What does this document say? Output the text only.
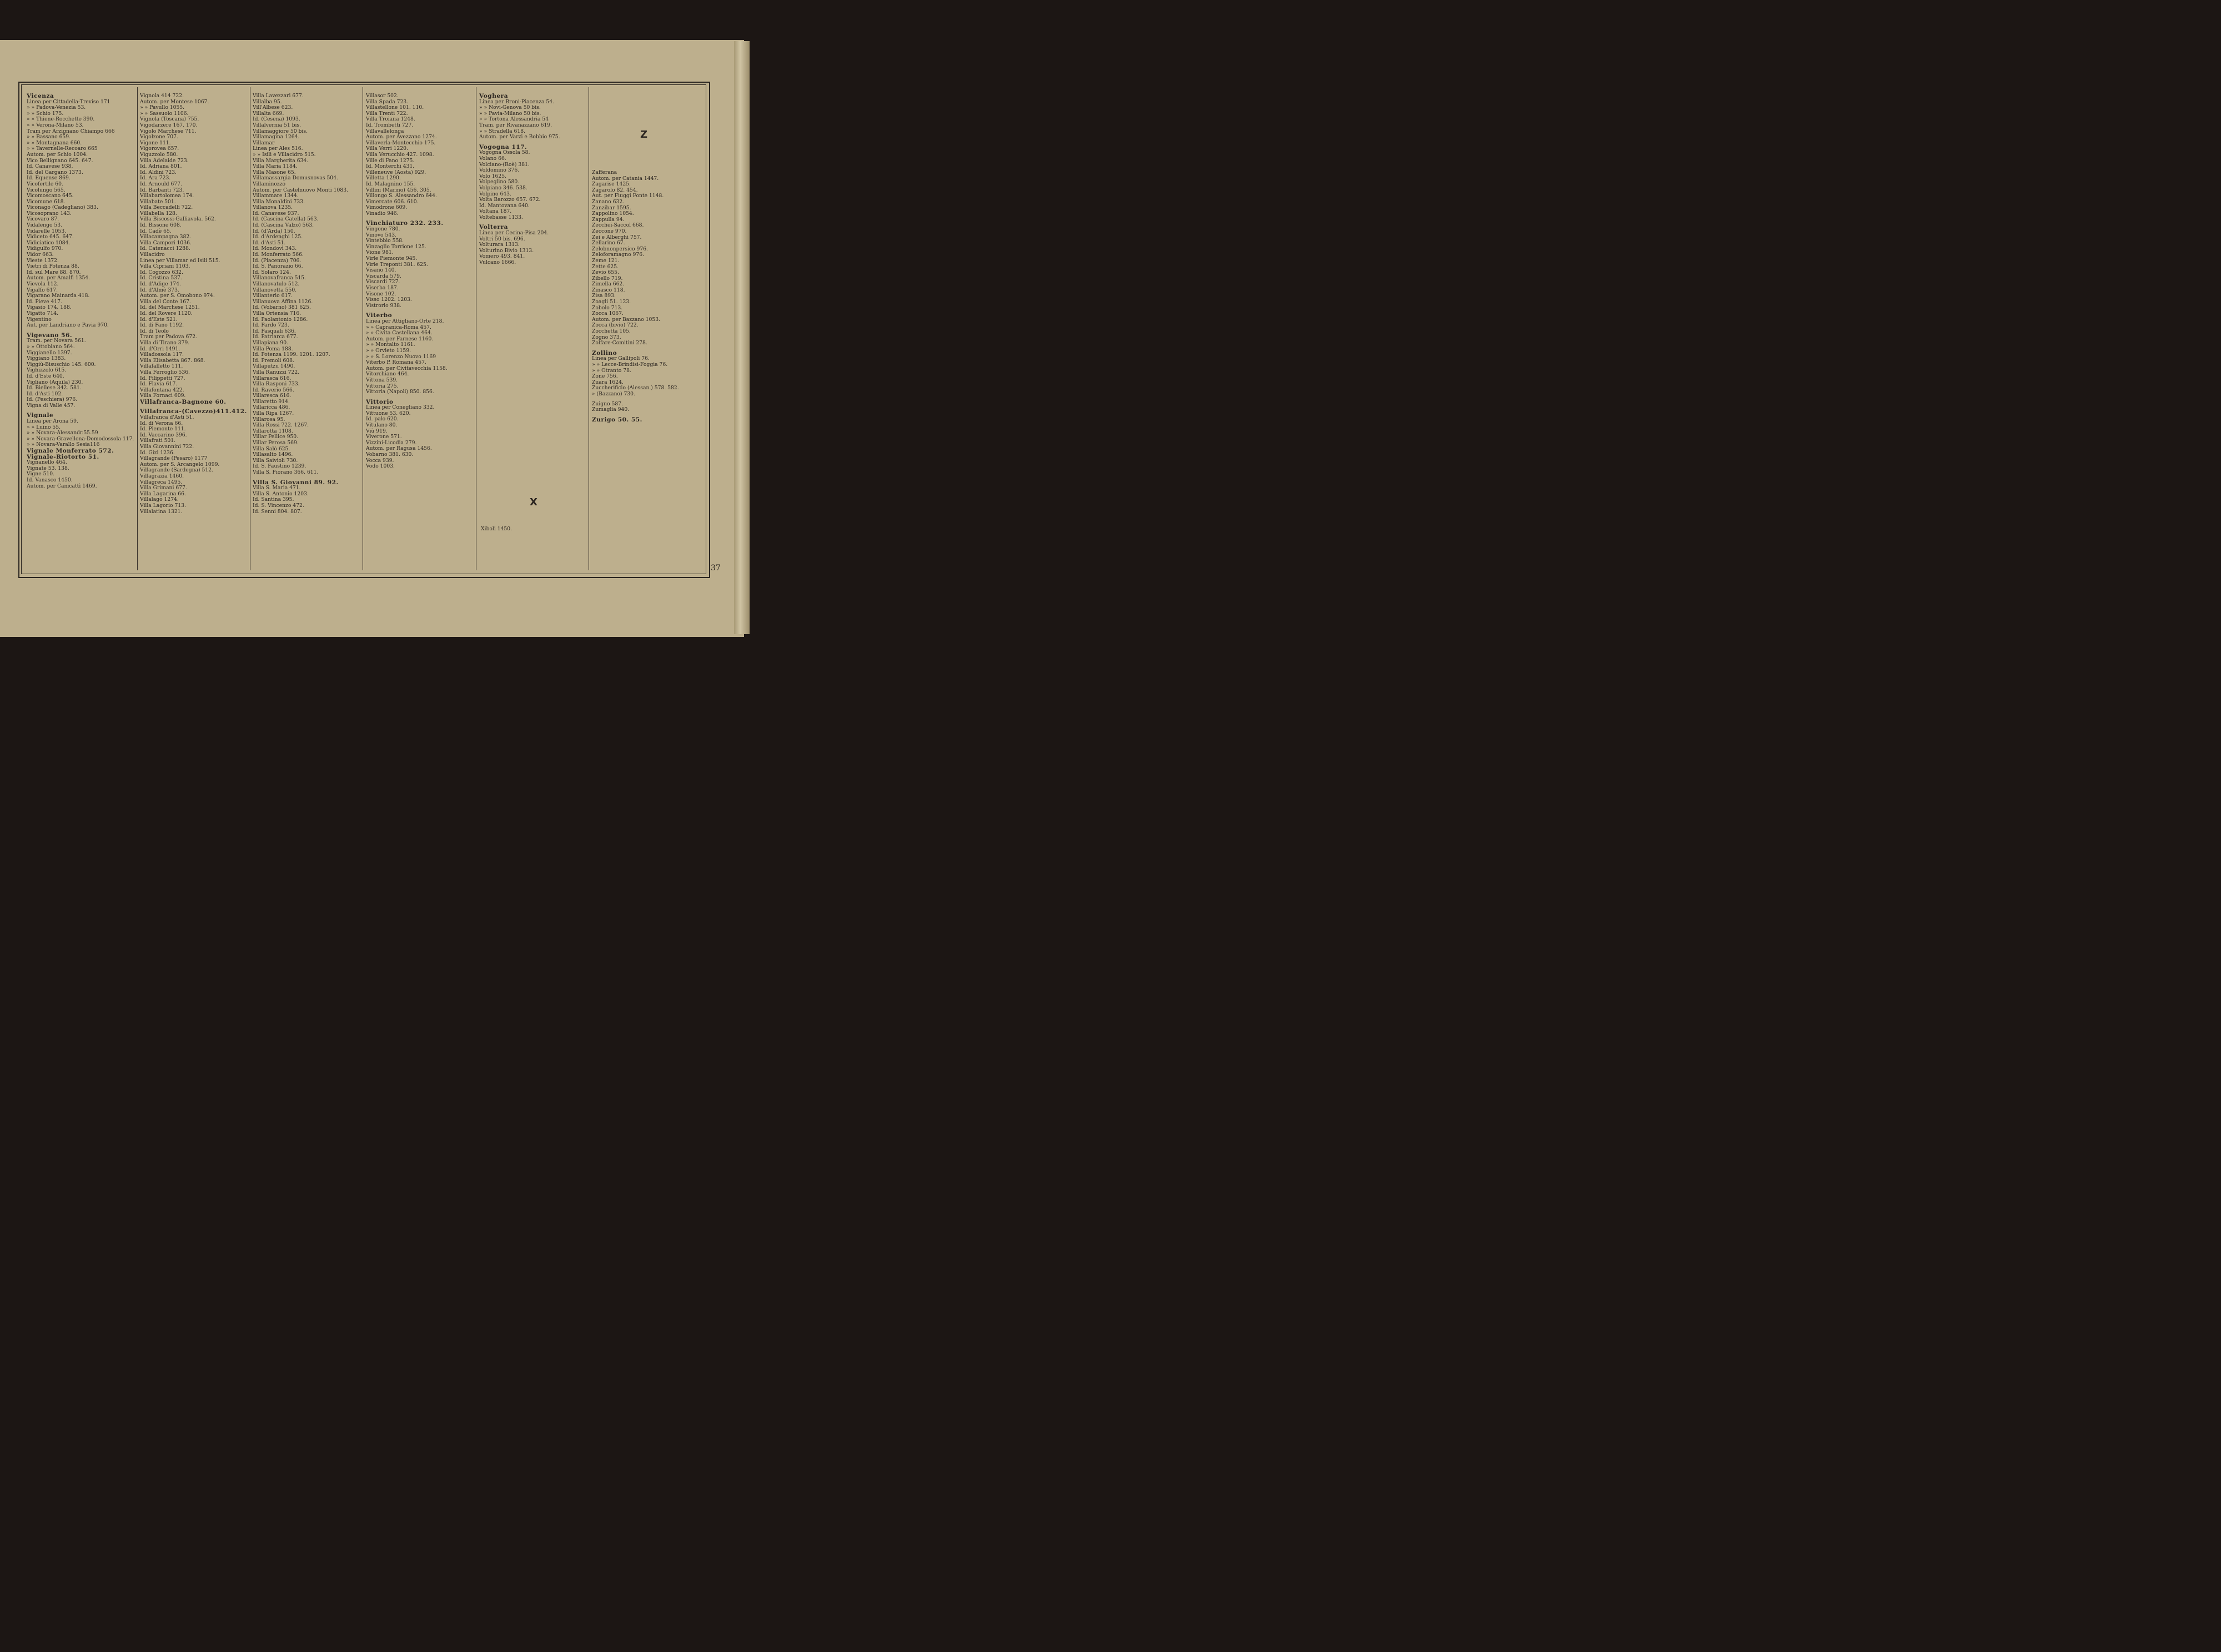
Vicenza
Linea per Cittadella-Treviso 171
» » Padova-Venezia 53.
» » Schio 175.
» » Thiene-Rocchette 390.
» » Verona-Milano 53.
Tram per Arzignano Chiampo 666
» » Bassano 659.
» » Montagnana 660.
» » Tavernelle-Recoaro 665
Autom. per Schio 1004.
Vico Bellignano 645. 647.
Id. Canavese 938.
Id. del Gargano 1373.
Id. Equense 869.
Vicofertile 60.
Vicolungo 565.
Vicomoscano 645.
Vicomune 618.
Viconago (Cadegliano) 383.
Vicosoprano 143.
Vicovaro 87.
Vidalengo 53.
Vidarelle 1053.
Vidiceto 645. 647.
Vidiciatico 1084.
Vidigulfo 970.
Vidor 663.
Vieste 1372.
Vietri di Potenza 88.
Id. sul Mare 88. 870.
Autom. per Amalfi 1354.
Vievola 112.
Vigalfo 617.
Vigarano Mainarda 418.
Id. Pieve 417.
Vigasio 174. 188.
Vigatto 714.
Vigentino
Aut. per Landriano e Pavia 970.
Vigevano 56.
Tram. per Novara 561.
» » Ottobiano 564.
Viggianello 1397.
Viggiano 1383.
Viggiù-Bisuschio 145. 600.
Vighizzolo 615.
Id. d'Este 640.
Vigliano (Aquila) 230.
Id. Biellese 342. 581.
Id. d'Asti 102.
Id. (Peschiera) 976.
Vigna di Valle 457.
Vignale
Linea per Arona 59.
» » Luino 55.
» » Novara-Alessandr.55.59
» » Novara-Gravellona-Domodossola 117.
» » Novara-Varallo Sesia116
Vignale Monferrato 572.
Vignale-Riotorto 51.
Vignanello 464.
Vignate 53. 138.
Vigne 510.
Id. Vanasco 1450.
Autom. per Canicattì 1469.
Vignola 414 722.
Autom. per Montese 1067.
» » Pavullo 1055.
» » Sassuolo 1106.
Vignola (Toscana) 755.
Vigodarzere 167. 170.
Vigolo Marchese 711.
Vigolzone 707.
Vigone 111.
Vigorovea 657.
Viguzzolo 580.
Villa Adelaide 723.
Id. Adriana 801.
Id. Aldini 723.
Id. Ara 723.
Id. Arnould 677.
Id. Barbanti 723.
Villabartolomea 174.
Villabate 501.
Villa Beccadelli 722.
Villabella 128.
Villa Biscossi-Galliavola. 562.
Id. Bissone 608.
Id. Cadè 65.
Villacampagna 382.
Villa Campori 1036.
Id. Catenacci 1288.
Villacidro
Linea per Villamar ed Isili 515.
Villa Cipriani 1103.
Id. Cogozzo 632.
Id. Cristina 537.
Id. d'Adige 174.
Id. d'Almè 373.
Autom. per S. Omobono 974.
Villa del Conte 167.
Id. del Marchese 1251.
Id. del Rovere 1120.
Id. d'Este 521.
Id. di Fano 1192.
Id. di Teolo
Tram per Padova 672.
Villa di Tirano 379.
Id. d'Orri 1491.
Villadossola 117.
Villa Elisabetta 867. 868.
Villafalletto 111.
Villa Ferroglio 536.
Id. Filippetti 727.
Id. Flavia 617.
Villafontana 422.
Villa Fornaci 609.
Villafranca-Bagnone 60.
Villafranca-(Cavezzo)411.412.
Villafranca d'Asti 51.
Id. di Verona 66.
Id. Piemonte 111.
Id. Vaccarino 396.
Villafrati 501.
Villa Giovannini 722.
Id. Gizi 1236.
Villagrande (Pesaro) 1177
Autom. per S. Arcangelo 1099.
Villagrande (Sardegna) 512.
Villagrazia 1460.
Villagreca 1495.
Villa Grimani 677.
Villa Lagarina 66.
Villalago 1274.
Villa Lagorio 713.
Villalatina 1321.
Villa Lavezzari 677.
Villalba 95.
Vill'Albese 623.
Villalta 669.
Id. (Cesena) 1093.
Villalvernia 51 bis.
Villamaggiore 50 bis.
Villamagina 1264.
Villamar
Linea per Ales 516.
» » Isili e Villacidro 515.
Villa Margherita 634.
Villa Maria 1184.
Villa Masone 65.
Villamassargia Domusnovas 504.
Villaminozzo
Autom. per Castelnuovo Monti 1083.
Villammare 1344.
Villa Monaldini 733.
Villanova 1235.
Id. Canavese 937.
Id. (Cascina Catella) 563.
Id. (Cascina Valzo) 563.
Id. (d'Arda) 150.
Id. d'Ardenghi 125.
Id. d'Asti 51.
Id. Mondovì 343.
Id. Monferrato 566.
Id. (Piacenza) 706.
Id. S. Panorazio 66.
Id. Solaro 124.
Villanovafranca 515.
Villanovatulo 512.
Villanovetta 550.
Villanterio 617.
Villanuova Affina 1126.
Id. (Vobarno) 381 625.
Villa Ortensia 716.
Id. Paolantonio 1286.
Id. Pardo 723.
Id. Pasquali 636.
Id. Patriarca 677.
Villapiana 90.
Villa Poma 188.
Id. Potenza 1199. 1201. 1207.
Id. Premoli 608.
Villaputzu 1490.
Villa Ranuzzi 722.
Villarasca 616.
Villa Rasponi 733.
Id. Raverio 566.
Villaresca 616.
Villaretto 914.
Villaricca 486.
Villa Ripa 1267.
Villarosa 95.
Villa Rossi 722. 1267.
Villarotta 1108.
Villar Pellice 950.
Villar Perosa 569.
Villa Salò 625.
Villasalto 1496.
Villa Saivioli 730.
Id. S. Faustino 1239.
Villa S. Fiorano 366. 611.
Villa S. Giovanni 89. 92.
Villa S. Maria 471.
Villa S. Antonio 1203.
Id. Santina 395.
Id. S. Vincenzo 472.
Id. Senni 804. 807.
Villasor 502.
Villa Spada 723.
Villastellone 101. 110.
Villa Trenti 722.
Villa Troiana 1248.
Id. Trombetti 727.
Villavallelonga
Autom. per Avezzano 1274.
Villaverla-Montecchio 175.
Villa Verri 1220.
Villa Verucchio 427. 1098.
Ville di Fano 1275.
Id. Monterchi 431.
Villeneuve (Aosta) 929.
Villetta 1290.
Id. Malagnino 155.
Villini (Marino) 456. 305.
Villongo S. Alessandro 644.
Vimercate 606. 610.
Vimodrone 609.
Vinadio 946.
Vinchiaturo 232. 233.
Vingone 780.
Vinovo 543.
Vintebbio 558.
Vinzaglio Torrione 125.
Vione 981.
Virle Piemonte 945.
Virle Treponti 381. 625.
Visano 140.
Viscarda 579.
Viscardi 727.
Viserba 187.
Visone 102.
Visso 1202. 1203.
Vistrorio 938.
Viterbo
Linea per Attigliano-Orte 218.
» » Capranica-Roma 457.
» » Civita Castellana 464.
Autom. per Farnese 1160.
» » Montalto 1161.
» » Orvieto 1159.
» » S. Lorenzo Nuovo 1169
Viterbo P. Romana 457.
Autom. per Civitavecchia 1158.
Vitorchiano 464.
Vittona 539.
Vittoria 275.
Vittoria (Napoli) 850. 856.
Vittorio
Linea per Conegliano 332.
Vittuone 53. 620.
Id. palo 620.
Vitulano 80.
Viù 919.
Viverone 571.
Vizzini-Licodia 279.
Autom. per Ragusa 1456.
Vobarno 381. 630.
Vocca 939.
Vodo 1003.
Voghera
Linea per Broni-Piacenza 54.
» » Novi-Genova 50 bis.
» » Pavia-Milano 50 bis.
» » Tortona Alessandria 54
Tram. per Rivanazzano 619.
» » Stradella 618.
Autom. per Varzi e Bobbio 975.
Vogogna 117.
Vogogna Ossola 58.
Volano 66.
Volciano-(Roè) 381.
Voldomino 376.
Volo 1625.
Volpeglino 580.
Volpiano 346. 538.
Volpino 643.
Volta Barozzo 657. 672.
Id. Mantovana 640.
Voltana 187.
Voltebasse 1133.
Volterra
Linea per Cecina-Pisa 204.
Voltri 50 bis. 696.
Volturara 1313.
Volturino Bivio 1313.
Vomero 493. 841.
Vulcano 1666.
Zafferana
Autom. per Catania 1447.
Zagarise 1425.
Zagarolo 82. 454.
Aut. per Fiuggi Fonte 1148.
Zanano 632.
Zanzibar 1595.
Zappolino 1054.
Zappulla 94.
Zecchei-Saccol 668.
Zeccone 970.
Zei e Alberghi 757.
Zellarino 67.
Zelobnonpersico 976.
Zeloforamagno 976.
Zeme 121.
Zette 625.
Zevio 655.
Zibello 719.
Zimella 662.
Zinasco 118.
Zisa 893.
Zoagli 51. 123.
Zobolo 713.
Zocca 1067.
Autom. per Bazzano 1053.
Zocca (bivio) 722.
Zocchetta 105.
Zogno 373.
Zolfare-Comitini 278.
Zollino
Linea per Gallipoli 76.
» » Lecce-Brindisi-Foggia 76.
» » Otranto 78.
Zone 756.
Zuara 1624.
Zuccherificio (Alessan.) 578. 582.
» (Bazzano) 730.
Zuigno 587.
Zumaglia 940.
Zurigo 50. 55.
Z
X
Xiboli 1450.
37
